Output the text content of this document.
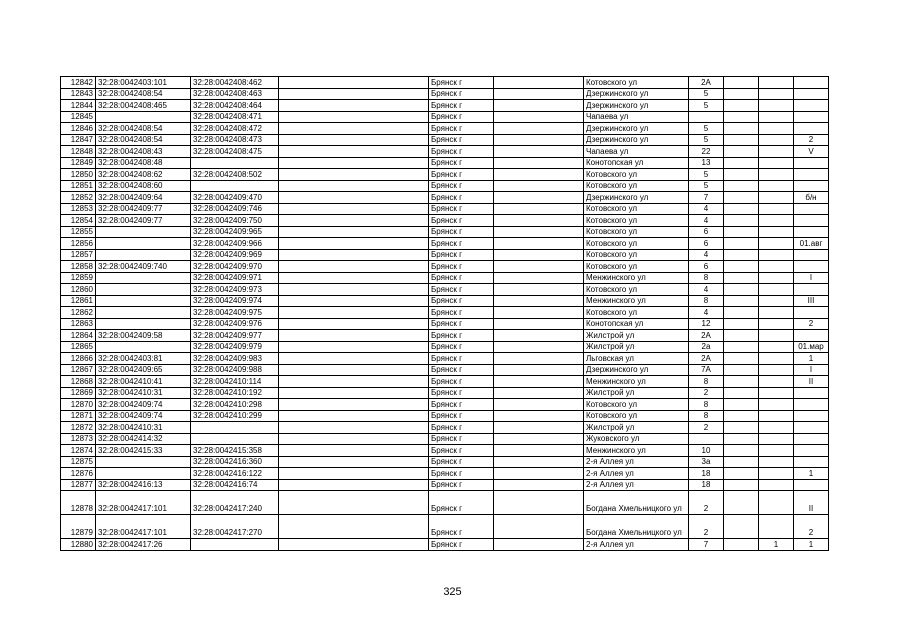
12842	32:28:0042403:101	32:28:0042408:462		Брянск г		Котовского ул	2А			
12843	32:28:0042408:54	32:28:0042408:463		Брянск г		Дзержинского ул	5			
12844	32:28:0042408:465	32:28:0042408:464		Брянск г		Дзержинского ул	5			
12845		32:28:0042408:471		Брянск г		Чапаева ул				
12846	32:28:0042408:54	32:28:0042408:472		Брянск г		Дзержинского ул	5			
12847	32:28:0042408:54	32:28:0042408:473		Брянск г		Дзержинского ул	5			2
12848	32:28:0042408:43	32:28:0042408:475		Брянск г		Чапаева ул	22			V
12849	32:28:0042408:48			Брянск г		Конотопская ул	13			
12850	32:28:0042408:62	32:28:0042408:502		Брянск г		Котовского ул	5			
12851	32:28:0042408:60			Брянск г		Котовского ул	5			
12852	32:28:0042409:64	32:28:0042409:470		Брянск г		Дзержинского ул	7			б/н
12853	32:28:0042409:77	32:28:0042409:746		Брянск г		Котовского ул	4			
12854	32:28:0042409:77	32:28:0042409:750		Брянск г		Котовского ул	4			
12855		32:28:0042409:965		Брянск г		Котовского ул	6			
12856		32:28:0042409:966		Брянск г		Котовского ул	6			01.авг
12857		32:28:0042409:969		Брянск г		Котовского ул	4			
12858	32:28:0042409:740	32:28:0042409:970		Брянск г		Котовского ул	6			
12859		32:28:0042409:971		Брянск г		Менжинского ул	8			I
12860		32:28:0042409:973		Брянск г		Котовского ул	4			
12861		32:28:0042409:974		Брянск г		Менжинского ул	8			III
12862		32:28:0042409:975		Брянск г		Котовского ул	4			
12863		32:28:0042409:976		Брянск г		Конотопская ул	12			2
12864	32:28:0042409:58	32:28:0042409:977		Брянск г		Жилстрой ул	2А			
12865		32:28:0042409:979		Брянск г		Жилстрой ул	2а			01.мар
12866	32:28:0042403:81	32:28:0042409:983		Брянск г		Льговская ул	2А			1
12867	32:28:0042409:65	32:28:0042409:988		Брянск г		Дзержинского ул	7А			I
12868	32:28:0042410:41	32:28:0042410:114		Брянск г		Менжинского ул	8			II
12869	32:28:0042410:31	32:28:0042410:192		Брянск г		Жилстрой ул	2			
12870	32:28:0042409:74	32:28:0042410:298		Брянск г		Котовского ул	8			
12871	32:28:0042409:74	32:28:0042410:299		Брянск г		Котовского ул	8			
12872	32:28:0042410:31			Брянск г		Жилстрой ул	2			
12873	32:28:0042414:32			Брянск г		Жуковского ул				
12874	32:28:0042415:33	32:28:0042415:358		Брянск г		Менжинского ул	10			
12875		32:28:0042416:360		Брянск г		2-я Аллея ул	3а			
12876		32:28:0042416:122		Брянск г		2-я Аллея ул	18			1
12877	32:28:0042416:13	32:28:0042416:74		Брянск г		2-я Аллея ул	18			
12878	32:28:0042417:101	32:28:0042417:240		Брянск г		Богдана Хмельницкого ул	2			II
12879	32:28:0042417:101	32:28:0042417:270		Брянск г		Богдана Хмельницкого ул	2			2
12880	32:28:0042417:26			Брянск г		2-я Аллея ул	7		1	1
325
